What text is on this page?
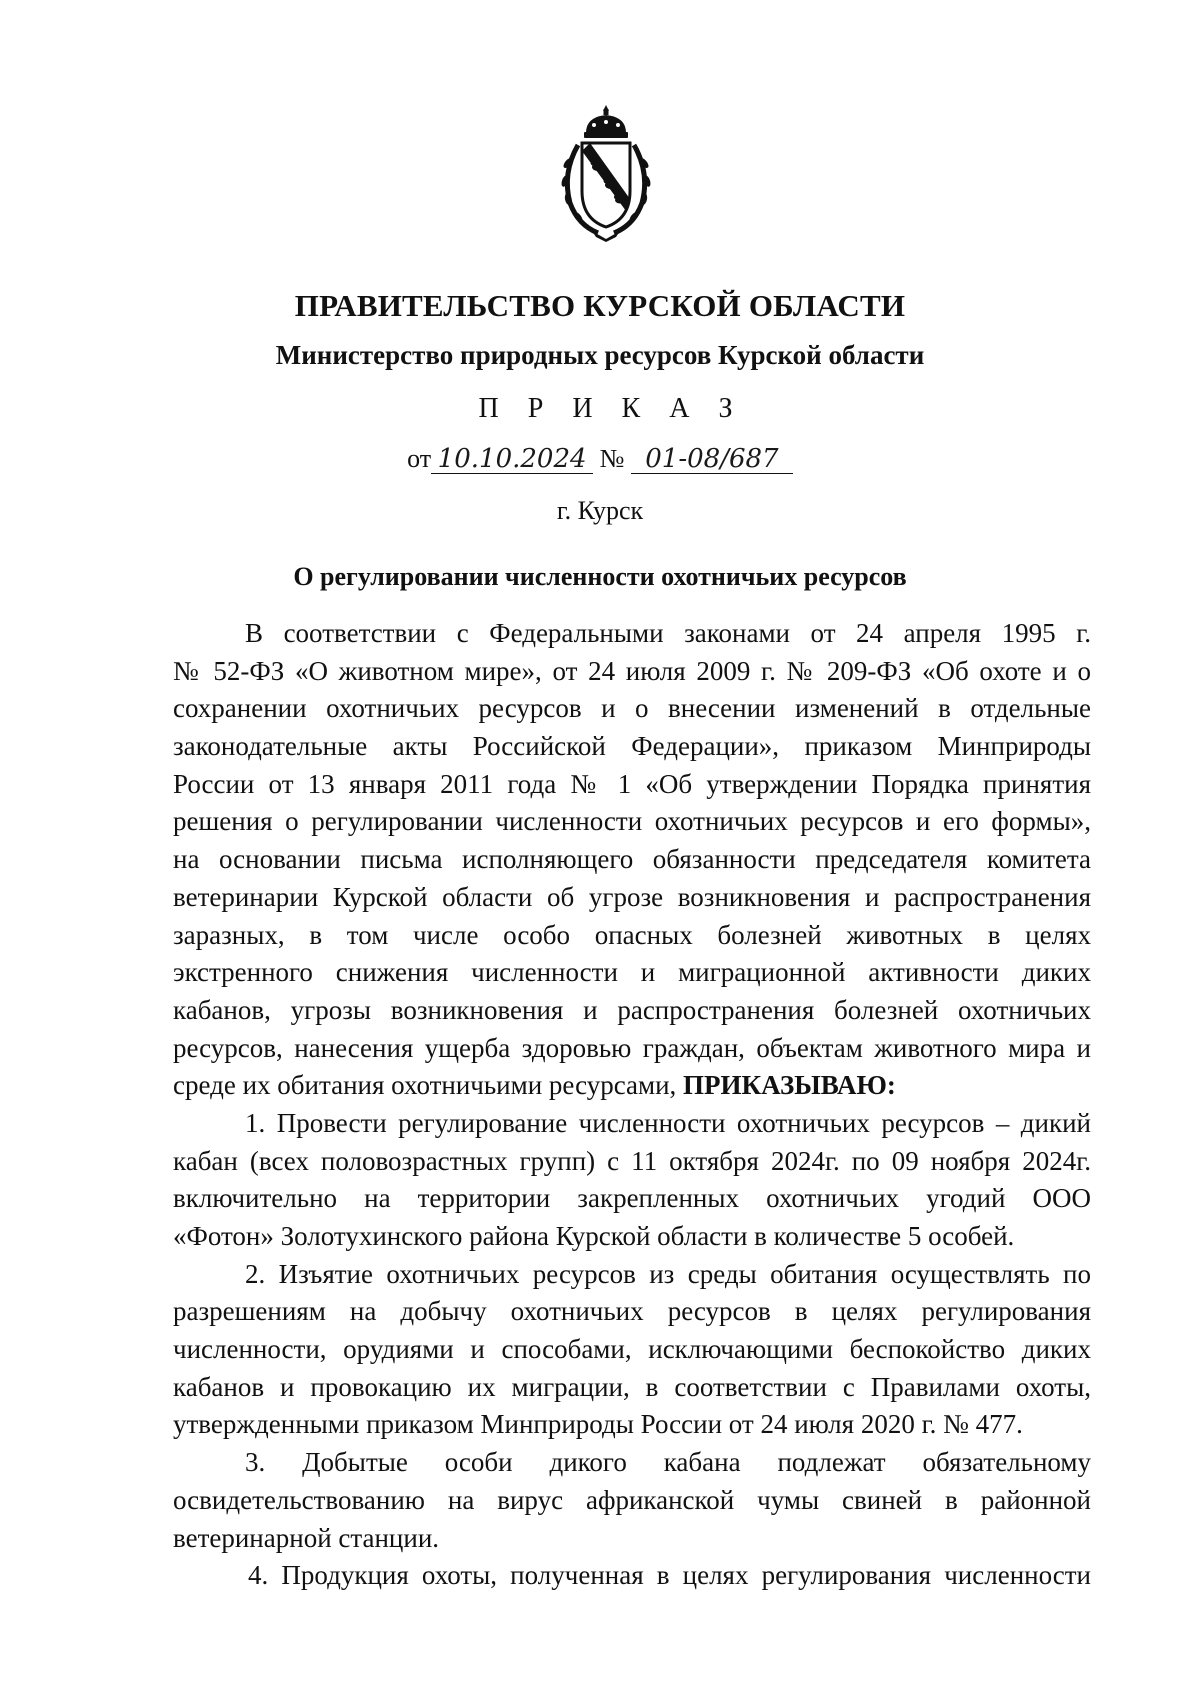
ПРАВИТЕЛЬСТВО КУРСКОЙ ОБЛАСТИ
Министерство природных ресурсов Курской области
П Р И К А З
от 10.10.2024 № 01-08/687
г. Курск
О регулировании численности охотничьих ресурсов
В соответствии с Федеральными законами от 24 апреля 1995 г.
№ 52-ФЗ «О животном мире», от 24 июля 2009 г. № 209-ФЗ «Об охоте и о
сохранении охотничьих ресурсов и о внесении изменений в отдельные
законодательные акты Российской Федерации», приказом Минприроды
России от 13 января 2011 года № 1 «Об утверждении Порядка принятия
решения о регулировании численности охотничьих ресурсов и его формы»,
на основании письма исполняющего обязанности председателя комитета
ветеринарии Курской области об угрозе возникновения и распространения
заразных, в том числе особо опасных болезней животных в целях
экстренного снижения численности и миграционной активности диких
кабанов, угрозы возникновения и распространения болезней охотничьих
ресурсов, нанесения ущерба здоровью граждан, объектам животного мира и
среде их обитания охотничьими ресурсами, ПРИКАЗЫВАЮ:
1. Провести регулирование численности охотничьих ресурсов – дикий
кабан (всех половозрастных групп) с 11 октября 2024г. по 09 ноября 2024г.
включительно на территории закрепленных охотничьих угодий ООО
«Фотон» Золотухинского района Курской области в количестве 5 особей.
2. Изъятие охотничьих ресурсов из среды обитания осуществлять по
разрешениям на добычу охотничьих ресурсов в целях регулирования
численности, орудиями и способами, исключающими беспокойство диких
кабанов и провокацию их миграции, в соответствии с Правилами охоты,
утвержденными приказом Минприроды России от 24 июля 2020 г. № 477.
3. Добытые особи дикого кабана подлежат обязательному
освидетельствованию на вирус африканской чумы свиней в районной
ветеринарной станции.
4. Продукция охоты, полученная в целях регулирования численности
